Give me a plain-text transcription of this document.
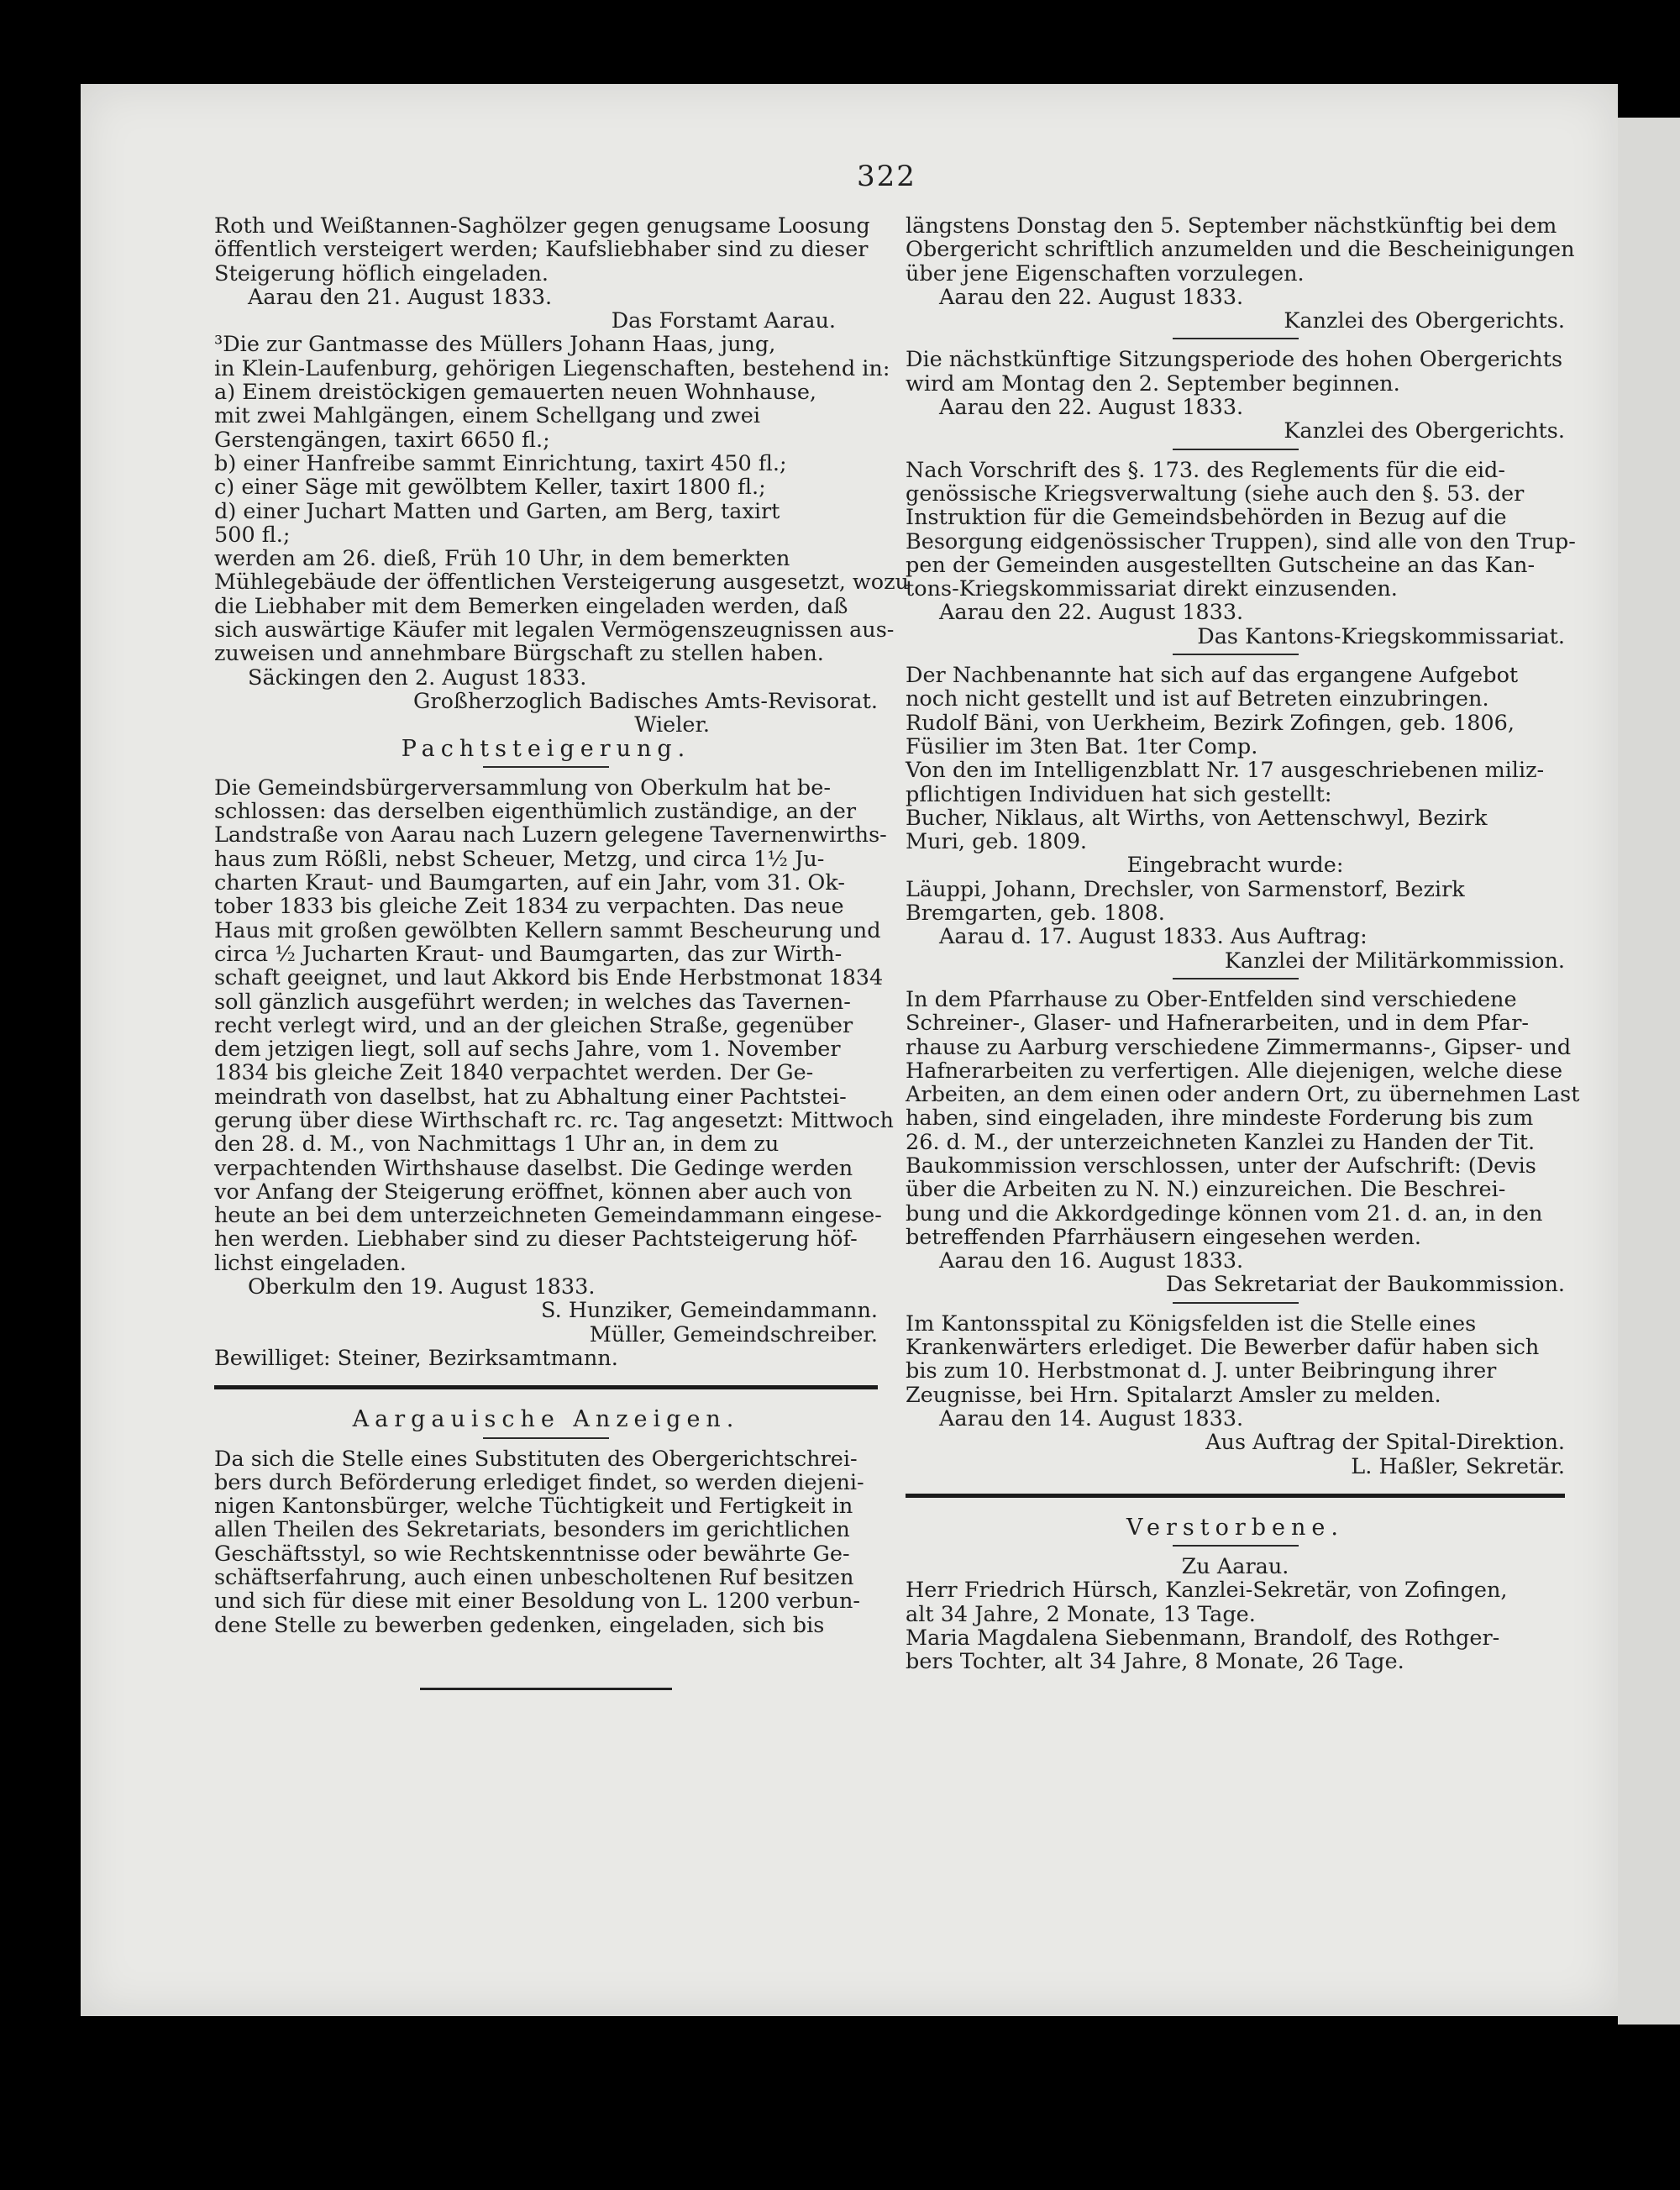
322
Roth und Weißtannen-Saghölzer gegen genugsame Loosung
öffentlich versteigert werden; Kaufsliebhaber sind zu dieser
Steigerung höflich eingeladen.
Aarau den 21. August 1833.
Das Forstamt Aarau.
³Die zur Gantmasse des Müllers Johann Haas, jung,
in Klein-Laufenburg, gehörigen Liegenschaften, bestehend in:
a) Einem dreistöckigen gemauerten neuen Wohnhause,
mit zwei Mahlgängen, einem Schellgang und zwei
Gerstengängen, taxirt 6650 fl.;
b) einer Hanfreibe sammt Einrichtung, taxirt 450 fl.;
c) einer Säge mit gewölbtem Keller, taxirt 1800 fl.;
d) einer Juchart Matten und Garten, am Berg, taxirt
500 fl.;
werden am 26. dieß, Früh 10 Uhr, in dem bemerkten
Mühlegebäude der öffentlichen Versteigerung ausgesetzt, wozu
die Liebhaber mit dem Bemerken eingeladen werden, daß
sich auswärtige Käufer mit legalen Vermögenszeugnissen aus-
zuweisen und annehmbare Bürgschaft zu stellen haben.
Säckingen den 2. August 1833.
Großherzoglich Badisches Amts-Revisorat.
Wieler.
Pachtsteigerung.
Die Gemeindsbürgerversammlung von Oberkulm hat be-
schlossen: das derselben eigenthümlich zuständige, an der
Landstraße von Aarau nach Luzern gelegene Tavernenwirths-
haus zum Rößli, nebst Scheuer, Metzg, und circa 1½ Ju-
charten Kraut- und Baumgarten, auf ein Jahr, vom 31. Ok-
tober 1833 bis gleiche Zeit 1834 zu verpachten. Das neue
Haus mit großen gewölbten Kellern sammt Bescheurung und
circa ½ Jucharten Kraut- und Baumgarten, das zur Wirth-
schaft geeignet, und laut Akkord bis Ende Herbstmonat 1834
soll gänzlich ausgeführt werden; in welches das Tavernen-
recht verlegt wird, und an der gleichen Straße, gegenüber
dem jetzigen liegt, soll auf sechs Jahre, vom 1. November
1834 bis gleiche Zeit 1840 verpachtet werden. Der Ge-
meindrath von daselbst, hat zu Abhaltung einer Pachtstei-
gerung über diese Wirthschaft rc. rc. Tag angesetzt: Mittwoch
den 28. d. M., von Nachmittags 1 Uhr an, in dem zu
verpachtenden Wirthshause daselbst. Die Gedinge werden
vor Anfang der Steigerung eröffnet, können aber auch von
heute an bei dem unterzeichneten Gemeindammann eingese-
hen werden. Liebhaber sind zu dieser Pachtsteigerung höf-
lichst eingeladen.
Oberkulm den 19. August 1833.
S. Hunziker, Gemeindammann.
Müller, Gemeindschreiber.
Bewilliget: Steiner, Bezirksamtmann.
Aargauische Anzeigen.
Da sich die Stelle eines Substituten des Obergerichtschrei-
bers durch Beförderung erlediget findet, so werden diejeni-
nigen Kantonsbürger, welche Tüchtigkeit und Fertigkeit in
allen Theilen des Sekretariats, besonders im gerichtlichen
Geschäftsstyl, so wie Rechtskenntnisse oder bewährte Ge-
schäftserfahrung, auch einen unbescholtenen Ruf besitzen
und sich für diese mit einer Besoldung von L. 1200 verbun-
dene Stelle zu bewerben gedenken, eingeladen, sich bis
längstens Donstag den 5. September nächstkünftig bei dem
Obergericht schriftlich anzumelden und die Bescheinigungen
über jene Eigenschaften vorzulegen.
Aarau den 22. August 1833.
Kanzlei des Obergerichts.
Die nächstkünftige Sitzungsperiode des hohen Obergerichts
wird am Montag den 2. September beginnen.
Aarau den 22. August 1833.
Kanzlei des Obergerichts.
Nach Vorschrift des §. 173. des Reglements für die eid-
genössische Kriegsverwaltung (siehe auch den §. 53. der
Instruktion für die Gemeindsbehörden in Bezug auf die
Besorgung eidgenössischer Truppen), sind alle von den Trup-
pen der Gemeinden ausgestellten Gutscheine an das Kan-
tons-Kriegskommissariat direkt einzusenden.
Aarau den 22. August 1833.
Das Kantons-Kriegskommissariat.
Der Nachbenannte hat sich auf das ergangene Aufgebot
noch nicht gestellt und ist auf Betreten einzubringen.
Rudolf Bäni, von Uerkheim, Bezirk Zofingen, geb. 1806,
Füsilier im 3ten Bat. 1ter Comp.
Von den im Intelligenzblatt Nr. 17 ausgeschriebenen miliz-
pflichtigen Individuen hat sich gestellt:
Bucher, Niklaus, alt Wirths, von Aettenschwyl, Bezirk
Muri, geb. 1809.
Eingebracht wurde:
Läuppi, Johann, Drechsler, von Sarmenstorf, Bezirk
Bremgarten, geb. 1808.
Aarau d. 17. August 1833. Aus Auftrag:
Kanzlei der Militärkommission.
In dem Pfarrhause zu Ober-Entfelden sind verschiedene
Schreiner-, Glaser- und Hafnerarbeiten, und in dem Pfar-
rhause zu Aarburg verschiedene Zimmermanns-, Gipser- und
Hafnerarbeiten zu verfertigen. Alle diejenigen, welche diese
Arbeiten, an dem einen oder andern Ort, zu übernehmen Last
haben, sind eingeladen, ihre mindeste Forderung bis zum
26. d. M., der unterzeichneten Kanzlei zu Handen der Tit.
Baukommission verschlossen, unter der Aufschrift: (Devis
über die Arbeiten zu N. N.) einzureichen. Die Beschrei-
bung und die Akkordgedinge können vom 21. d. an, in den
betreffenden Pfarrhäusern eingesehen werden.
Aarau den 16. August 1833.
Das Sekretariat der Baukommission.
Im Kantonsspital zu Königsfelden ist die Stelle eines
Krankenwärters erlediget. Die Bewerber dafür haben sich
bis zum 10. Herbstmonat d. J. unter Beibringung ihrer
Zeugnisse, bei Hrn. Spitalarzt Amsler zu melden.
Aarau den 14. August 1833.
Aus Auftrag der Spital-Direktion.
L. Haßler, Sekretär.
Verstorbene.
Zu Aarau.
Herr Friedrich Hürsch, Kanzlei-Sekretär, von Zofingen,
alt 34 Jahre, 2 Monate, 13 Tage.
Maria Magdalena Siebenmann, Brandolf, des Rothger-
bers Tochter, alt 34 Jahre, 8 Monate, 26 Tage.
